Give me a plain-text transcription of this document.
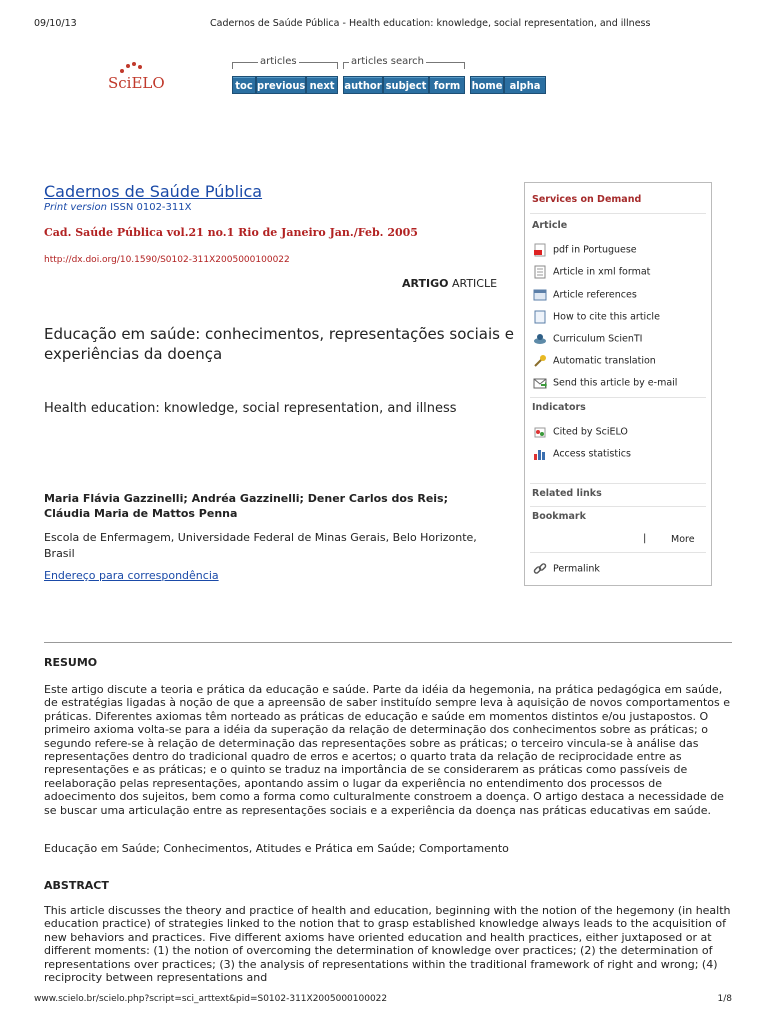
09/10/13	Cadernos de Saúde Pública - Health education: knowledge, social representation, and illness
SciELO
articles
toc previous next
articles search
author subject form	home alpha
Cadernos de Saúde Pública
Print version ISSN 0102-311X
Cad. Saúde Pública vol.21 no.1 Rio de Janeiro Jan./Feb. 2005
http://dx.doi.org/10.1590/S0102-311X2005000100022
ARTIGO ARTICLE
Educação em saúde: conhecimentos, representações sociais e experiências da doença
Health education: knowledge, social representation, and illness
Maria Flávia Gazzinelli; Andréa Gazzinelli; Dener Carlos dos Reis; Cláudia Maria de Mattos Penna
Escola de Enfermagem, Universidade Federal de Minas Gerais, Belo Horizonte, Brasil
Endereço para correspondência
Services on Demand
Article
pdf in Portuguese
Article in xml format
Article references
How to cite this article
Curriculum ScienTI
Automatic translation
Send this article by e-mail
Indicators
Cited by SciELO
Access statistics
Related links
Bookmark
|	More
Permalink
RESUMO
Este artigo discute a teoria e prática da educação e saúde. Parte da idéia da hegemonia, na prática pedagógica em saúde, de estratégias ligadas à noção de que a apreensão de saber instituído sempre leva à aquisição de novos comportamentos e práticas. Diferentes axiomas têm norteado as práticas de educação e saúde em momentos distintos e/ou justapostos. O primeiro axioma volta-se para a idéia da superação da relação de determinação dos conhecimentos sobre as práticas; o segundo refere-se à relação de determinação das representações sobre as práticas; o terceiro vincula-se à análise das representações dentro do tradicional quadro de erros e acertos; o quarto trata da relação de reciprocidade entre as representações e as práticas; e o quinto se traduz na importância de se considerarem as práticas como passíveis de reelaboração pelas representações, apontando assim o lugar da experiência no entendimento dos processos de adoecimento dos sujeitos, bem como a forma como culturalmente constroem a doença. O artigo destaca a necessidade de se buscar uma articulação entre as representações sociais e a experiência da doença nas práticas educativas em saúde.
Educação em Saúde; Conhecimentos, Atitudes e Prática em Saúde; Comportamento
ABSTRACT
This article discusses the theory and practice of health and education, beginning with the notion of the hegemony (in health education practice) of strategies linked to the notion that to grasp established knowledge always leads to the acquisition of new behaviors and practices. Five different axioms have oriented education and health practices, either juxtaposed or at different moments: (1) the notion of overcoming the determination of knowledge over practices; (2) the determination of representations over practices; (3) the analysis of representations within the traditional framework of right and wrong; (4) reciprocity between representations and
www.scielo.br/scielo.php?script=sci_arttext&pid=S0102-311X2005000100022	1/8
